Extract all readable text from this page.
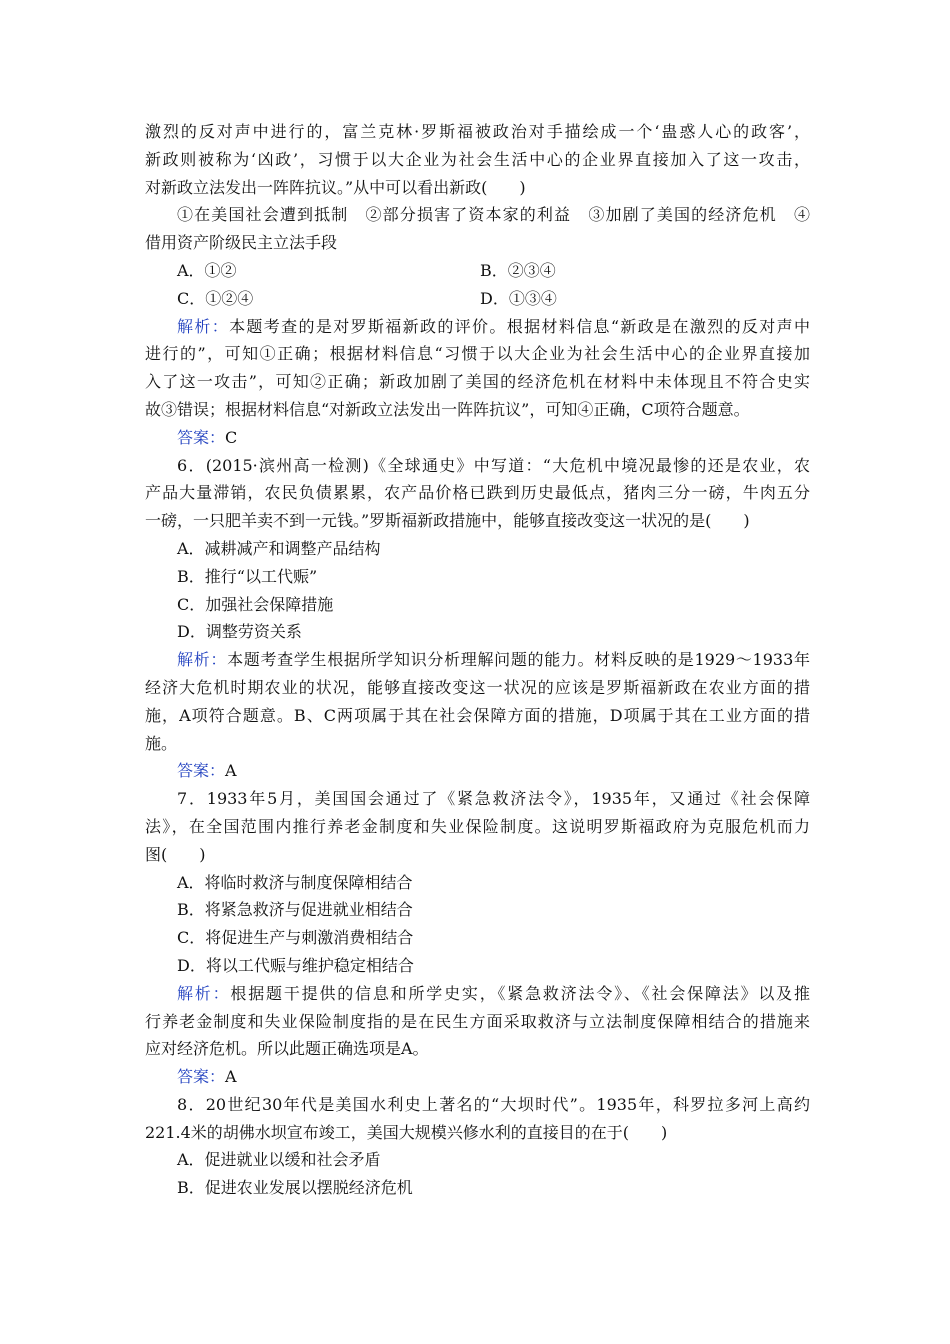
激烈的反对声中进行的，富兰克林·罗斯福被政治对手描绘成一个‘蛊惑人心的政客’，
新政则被称为‘凶政’，习惯于以大企业为社会生活中心的企业界直接加入了这一攻击，
对新政立法发出一阵阵抗议。”从中可以看出新政(　　)
①在美国社会遭到抵制　②部分损害了资本家的利益　③加剧了美国的经济危机　④
借用资产阶级民主立法手段
A．①②	B．②③④
C．①②④	D．①③④
解析：本题考查的是对罗斯福新政的评价。根据材料信息“新政是在激烈的反对声中
进行的”，可知①正确；根据材料信息“习惯于以大企业为社会生活中心的企业界直接加
入了这一攻击”，可知②正确；新政加剧了美国的经济危机在材料中未体现且不符合史实
故③错误；根据材料信息“对新政立法发出一阵阵抗议”，可知④正确，C项符合题意。
答案：C
6．(2015·滨州高一检测)《全球通史》中写道：“大危机中境况最惨的还是农业，农
产品大量滞销，农民负债累累，农产品价格已跌到历史最低点，猪肉三分一磅，牛肉五分
一磅，一只肥羊卖不到一元钱。”罗斯福新政措施中，能够直接改变这一状况的是(　　)
A．减耕减产和调整产品结构
B．推行“以工代赈”
C．加强社会保障措施
D．调整劳资关系
解析：本题考查学生根据所学知识分析理解问题的能力。材料反映的是1929～1933年
经济大危机时期农业的状况，能够直接改变这一状况的应该是罗斯福新政在农业方面的措
施，A项符合题意。B、C两项属于其在社会保障方面的措施，D项属于其在工业方面的措
施。
答案：A
7．1933年5月，美国国会通过了《紧急救济法令》，1935年，又通过《社会保障
法》，在全国范围内推行养老金制度和失业保险制度。这说明罗斯福政府为克服危机而力
图(　　)
A．将临时救济与制度保障相结合
B．将紧急救济与促进就业相结合
C．将促进生产与刺激消费相结合
D．将以工代赈与维护稳定相结合
解析：根据题干提供的信息和所学史实，《紧急救济法令》、《社会保障法》以及推
行养老金制度和失业保险制度指的是在民生方面采取救济与立法制度保障相结合的措施来
应对经济危机。所以此题正确选项是A。
答案：A
8．20世纪30年代是美国水利史上著名的“大坝时代”。1935年，科罗拉多河上高约
221.4米的胡佛水坝宣布竣工，美国大规模兴修水利的直接目的在于(　　)
A．促进就业以缓和社会矛盾
B．促进农业发展以摆脱经济危机
